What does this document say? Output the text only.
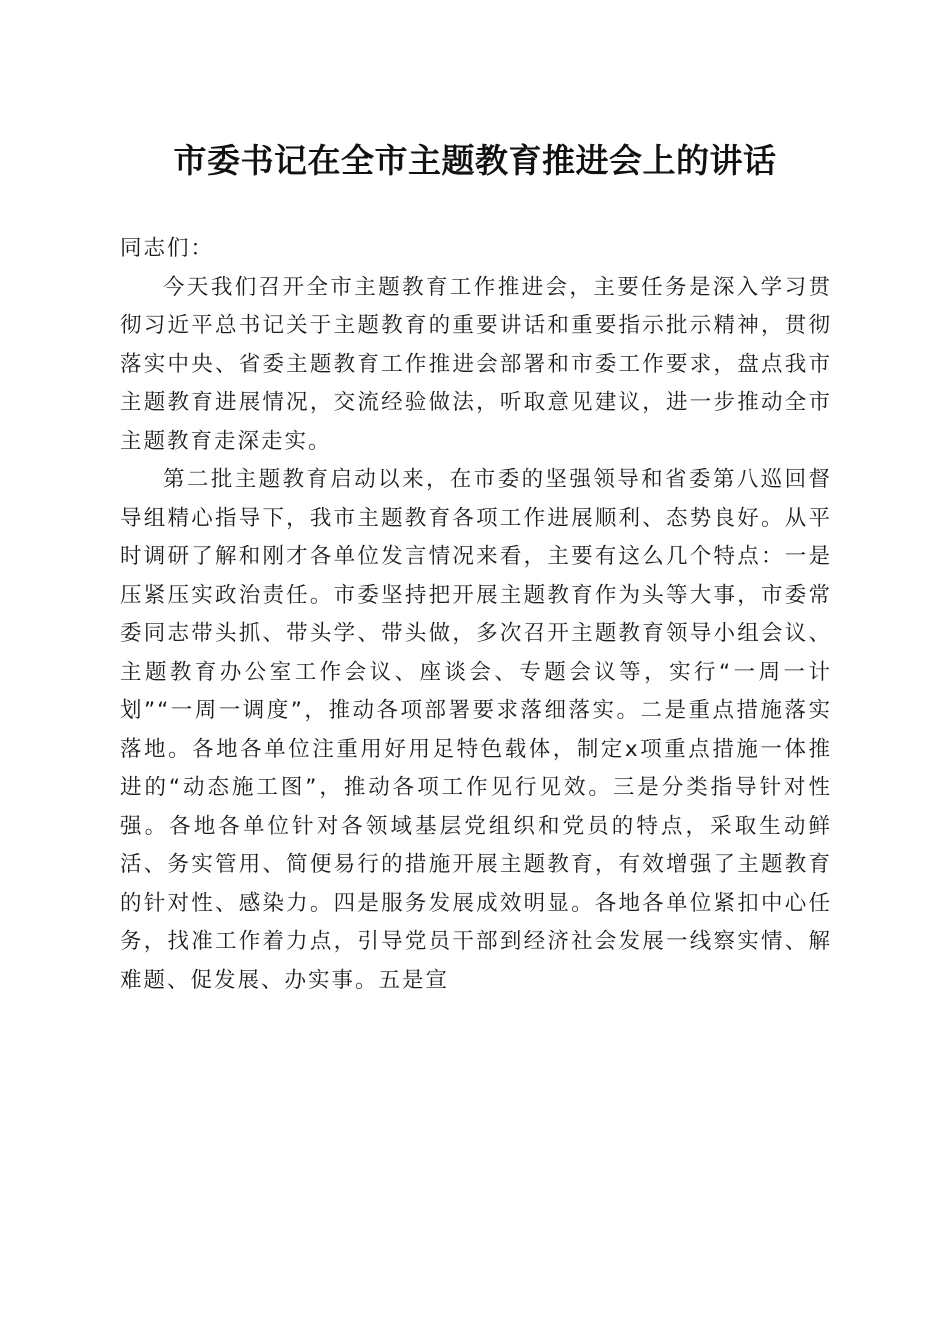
市委书记在全市主题教育推进会上的讲话

同志们：

今天我们召开全市主题教育工作推进会，主要任务是深入学习贯彻习近平总书记关于主题教育的重要讲话和重要指示批示精神，贯彻落实中央、省委主题教育工作推进会部署和市委工作要求，盘点我市主题教育进展情况，交流经验做法，听取意见建议，进一步推动全市主题教育走深走实。

第二批主题教育启动以来，在市委的坚强领导和省委第八巡回督导组精心指导下，我市主题教育各项工作进展顺利、态势良好。从平时调研了解和刚才各单位发言情况来看，主要有这么几个特点：一是压紧压实政治责任。市委坚持把开展主题教育作为头等大事，市委常委同志带头抓、带头学、带头做，多次召开主题教育领导小组会议、主题教育办公室工作会议、座谈会、专题会议等，实行“一周一计划”“一周一调度”，推动各项部署要求落细落实。二是重点措施落实落地。各地各单位注重用好用足特色载体，制定x项重点措施一体推进的“动态施工图”，推动各项工作见行见效。三是分类指导针对性强。各地各单位针对各领域基层党组织和党员的特点，采取生动鲜活、务实管用、简便易行的措施开展主题教育，有效增强了主题教育的针对性、感染力。四是服务发展成效明显。各地各单位紧扣中心任务，找准工作着力点，引导党员干部到经济社会发展一线察实情、解难题、促发展、办实事。五是宣
